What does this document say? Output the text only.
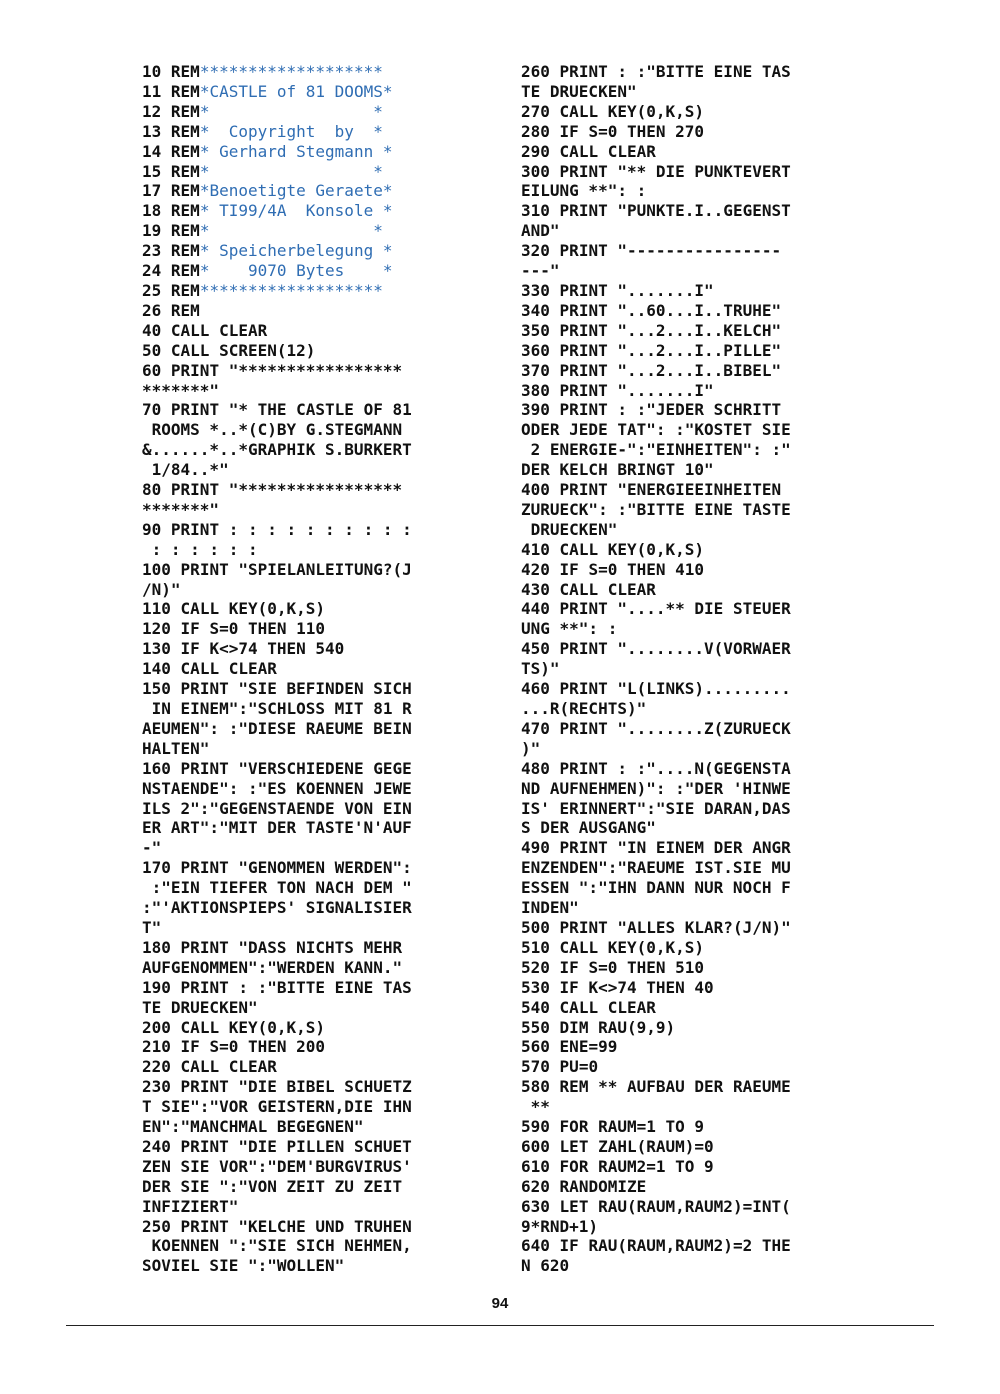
10 REM*******************
11 REM*CASTLE of 81 DOOMS*
12 REM*                 *
13 REM*  Copyright  by  *
14 REM* Gerhard Stegmann *
15 REM*                 *
17 REM*Benoetigte Geraete*
18 REM* TI99/4A  Konsole *
19 REM*                 *
23 REM* Speicherbelegung *
24 REM*    9070 Bytes    *
25 REM*******************
26 REM
40 CALL CLEAR
50 CALL SCREEN(12)
60 PRINT "*****************
*******"
70 PRINT "* THE CASTLE OF 81
ROOMS *..*(C)BY G.STEGMANN
&......*..*GRAPHIK S.BURKERT
1/84..*"
80 PRINT "*****************
*******"
90 PRINT : : : : : : : : : :
: : : : : :
100 PRINT "SPIELANLEITUNG?(J
/N)"
110 CALL KEY(0,K,S)
120 IF S=0 THEN 110
130 IF K<>74 THEN 540
140 CALL CLEAR
150 PRINT "SIE BEFINDEN SICH
IN EINEM":"SCHLOSS MIT 81 R
AEUMEN": :"DIESE RAEUME BEIN
HALTEN"
160 PRINT "VERSCHIEDENE GEGE
NSTAENDE": :"ES KOENNEN JEWE
ILS 2":"GEGENSTAENDE VON EIN
ER ART":"MIT DER TASTE'N'AUF
-"
170 PRINT "GENOMMEN WERDEN":
:"EIN TIEFER TON NACH DEM "
:"'AKTIONSPIEPS' SIGNALISIER
T"
180 PRINT "DASS NICHTS MEHR
AUFGENOMMEN":"WERDEN KANN."
190 PRINT : :"BITTE EINE TAS
TE DRUECKEN"
200 CALL KEY(0,K,S)
210 IF S=0 THEN 200
220 CALL CLEAR
230 PRINT "DIE BIBEL SCHUETZ
T SIE":"VOR GEISTERN,DIE IHN
EN":"MANCHMAL BEGEGNEN"
240 PRINT "DIE PILLEN SCHUET
ZEN SIE VOR":"DEM'BURGVIRUS'
DER SIE ":"VON ZEIT ZU ZEIT
INFIZIERT"
250 PRINT "KELCHE UND TRUHEN
KOENNEN ":"SIE SICH NEHMEN,
SOVIEL SIE ":"WOLLEN"
260 PRINT : :"BITTE EINE TAS
TE DRUECKEN"
270 CALL KEY(0,K,S)
280 IF S=0 THEN 270
290 CALL CLEAR
300 PRINT "** DIE PUNKTEVERT
EILUNG **": :
310 PRINT "PUNKTE.I..GEGENST
AND"
320 PRINT "----------------
---"
330 PRINT ".......I"
340 PRINT "..60...I..TRUHE"
350 PRINT "...2...I..KELCH"
360 PRINT "...2...I..PILLE"
370 PRINT "...2...I..BIBEL"
380 PRINT ".......I"
390 PRINT : :"JEDER SCHRITT
ODER JEDE TAT": :"KOSTET SIE
2 ENERGIE-":"EINHEITEN": :"
DER KELCH BRINGT 10"
400 PRINT "ENERGIEEINHEITEN
ZURUECK": :"BITTE EINE TASTE
DRUECKEN"
410 CALL KEY(0,K,S)
420 IF S=0 THEN 410
430 CALL CLEAR
440 PRINT "....** DIE STEUER
UNG **": :
450 PRINT "........V(VORWAER
TS)"
460 PRINT "L(LINKS).........
...R(RECHTS)"
470 PRINT "........Z(ZURUECK
)"
480 PRINT : :"....N(GEGENSTA
ND AUFNEHMEN)": :"DER 'HINWE
IS' ERINNERT":"SIE DARAN,DAS
S DER AUSGANG"
490 PRINT "IN EINEM DER ANGR
ENZENDEN":"RAEUME IST.SIE MU
ESSEN ":"IHN DANN NUR NOCH F
INDEN"
500 PRINT "ALLES KLAR?(J/N)"
510 CALL KEY(0,K,S)
520 IF S=0 THEN 510
530 IF K<>74 THEN 40
540 CALL CLEAR
550 DIM RAU(9,9)
560 ENE=99
570 PU=0
580 REM ** AUFBAU DER RAEUME
**
590 FOR RAUM=1 TO 9
600 LET ZAHL(RAUM)=0
610 FOR RAUM2=1 TO 9
620 RANDOMIZE
630 LET RAU(RAUM,RAUM2)=INT(
9*RND+1)
640 IF RAU(RAUM,RAUM2)=2 THE
N 620
94
